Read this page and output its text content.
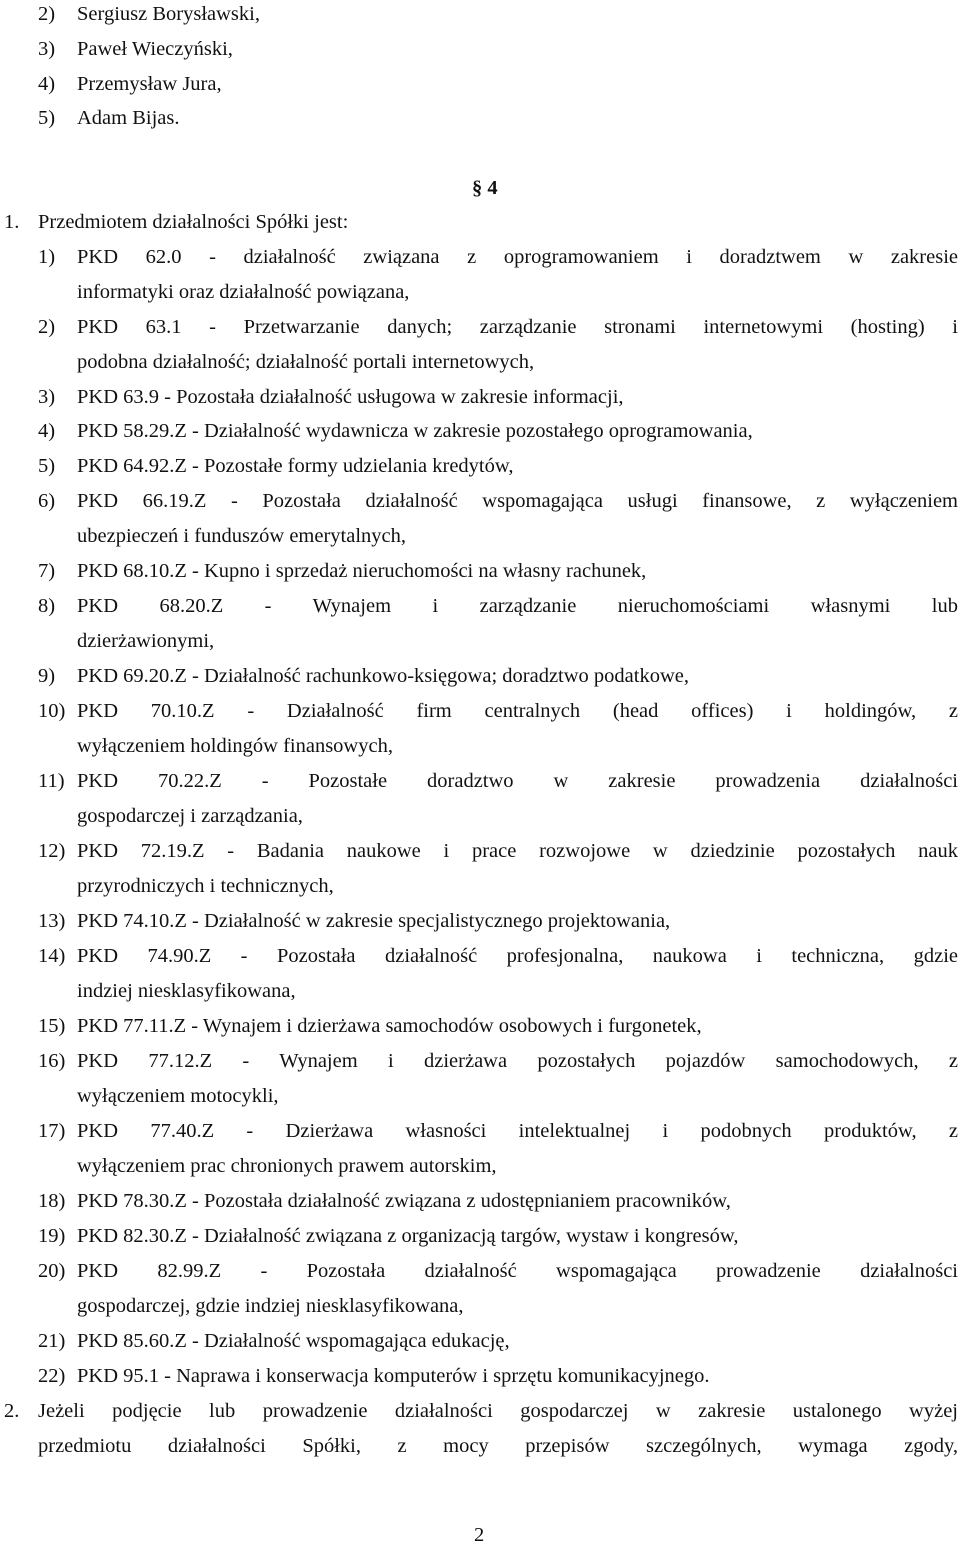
2) Sergiusz Borysławski,
3) Paweł Wieczyński,
4) Przemysław Jura,
5) Adam Bijas.
§ 4
1. Przedmiotem działalności Spółki jest:
1) PKD 62.0 - działalność związana z oprogramowaniem i doradztwem w zakresie
informatyki oraz działalność powiązana,
2) PKD 63.1 - Przetwarzanie danych; zarządzanie stronami internetowymi (hosting) i
podobna działalność; działalność portali internetowych,
3) PKD 63.9 - Pozostała działalność usługowa w zakresie informacji,
4) PKD 58.29.Z - Działalność wydawnicza w zakresie pozostałego oprogramowania,
5) PKD 64.92.Z - Pozostałe formy udzielania kredytów,
6) PKD 66.19.Z - Pozostała działalność wspomagająca usługi finansowe, z wyłączeniem
ubezpieczeń i funduszów emerytalnych,
7) PKD 68.10.Z - Kupno i sprzedaż nieruchomości na własny rachunek,
8) PKD 68.20.Z - Wynajem i zarządzanie nieruchomościami własnymi lub
dzierżawionymi,
9) PKD 69.20.Z - Działalność rachunkowo-księgowa; doradztwo podatkowe,
10) PKD 70.10.Z - Działalność firm centralnych (head offices) i holdingów, z
wyłączeniem holdingów finansowych,
11) PKD 70.22.Z - Pozostałe doradztwo w zakresie prowadzenia działalności
gospodarczej i zarządzania,
12) PKD 72.19.Z - Badania naukowe i prace rozwojowe w dziedzinie pozostałych nauk
przyrodniczych i technicznych,
13) PKD 74.10.Z - Działalność w zakresie specjalistycznego projektowania,
14) PKD 74.90.Z - Pozostała działalność profesjonalna, naukowa i techniczna, gdzie
indziej niesklasyfikowana,
15) PKD 77.11.Z - Wynajem i dzierżawa samochodów osobowych i furgonetek,
16) PKD 77.12.Z - Wynajem i dzierżawa pozostałych pojazdów samochodowych, z
wyłączeniem motocykli,
17) PKD 77.40.Z - Dzierżawa własności intelektualnej i podobnych produktów, z
wyłączeniem prac chronionych prawem autorskim,
18) PKD 78.30.Z - Pozostała działalność związana z udostępnianiem pracowników,
19) PKD 82.30.Z - Działalność związana z organizacją targów, wystaw i kongresów,
20) PKD 82.99.Z - Pozostała działalność wspomagająca prowadzenie działalności
gospodarczej, gdzie indziej niesklasyfikowana,
21) PKD 85.60.Z - Działalność wspomagająca edukację,
22) PKD 95.1 - Naprawa i konserwacja komputerów i sprzętu komunikacyjnego.
2. Jeżeli podjęcie lub prowadzenie działalności gospodarczej w zakresie ustalonego wyżej
przedmiotu działalności Spółki, z mocy przepisów szczególnych, wymaga zgody,
2
